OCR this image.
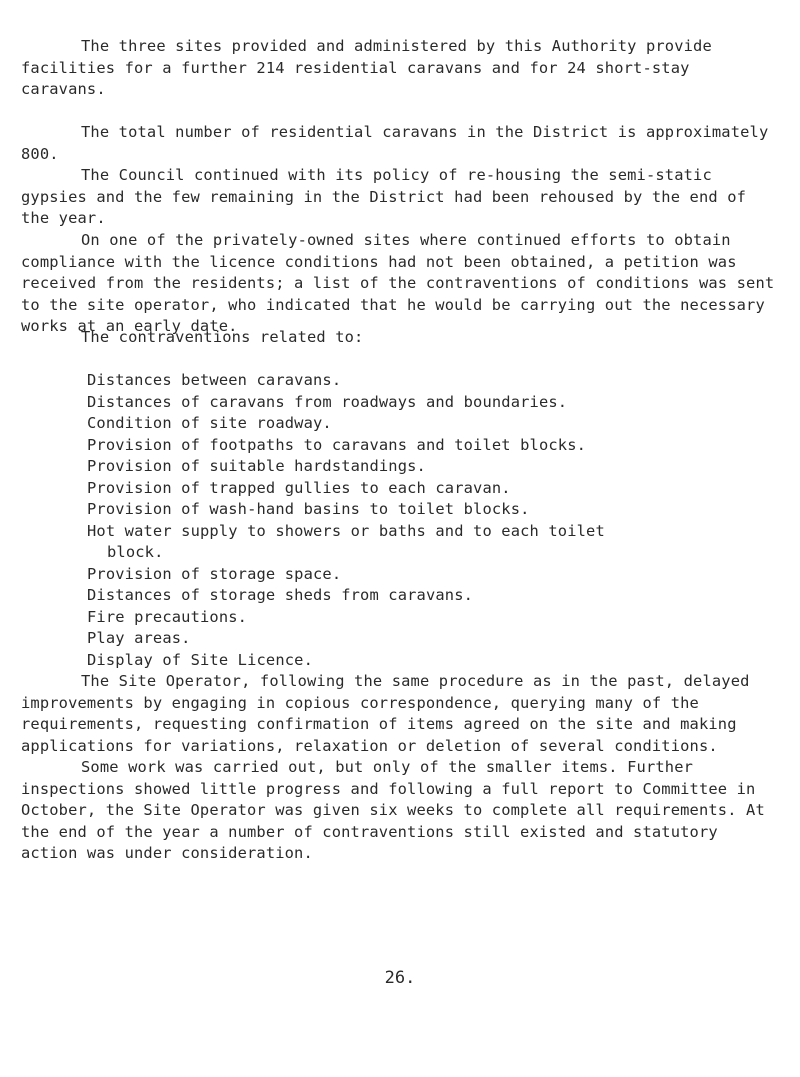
The three sites provided and administered by this Authority provide facilities for a further 214 residential caravans and for 24 short-stay caravans.

The total number of residential caravans in the District is approximately 800.

The Council continued with its policy of re-housing the semi-static gypsies and the few remaining in the District had been rehoused by the end of the year.

On one of the privately-owned sites where continued efforts to obtain compliance with the licence conditions had not been obtained, a petition was received from the residents; a list of the contraventions of conditions was sent to the site operator, who indicated that he would be carrying out the necessary works at an early date.

The contraventions related to:

Distances between caravans.
Distances of caravans from roadways and boundaries.
Condition of site roadway.
Provision of footpaths to caravans and toilet blocks.
Provision of suitable hardstandings.
Provision of trapped gullies to each caravan.
Provision of wash-hand basins to toilet blocks.
Hot water supply to showers or baths and to each toilet block.
Provision of storage space.
Distances of storage sheds from caravans.
Fire precautions.
Play areas.
Display of Site Licence.

The Site Operator, following the same procedure as in the past, delayed improvements by engaging in copious correspondence, querying many of the requirements, requesting confirmation of items agreed on the site and making applications for variations, relaxation or deletion of several conditions.

Some work was carried out, but only of the smaller items. Further inspections showed little progress and following a full report to Committee in October, the Site Operator was given six weeks to complete all requirements. At the end of the year a number of contraventions still existed and statutory action was under consideration.

26.
